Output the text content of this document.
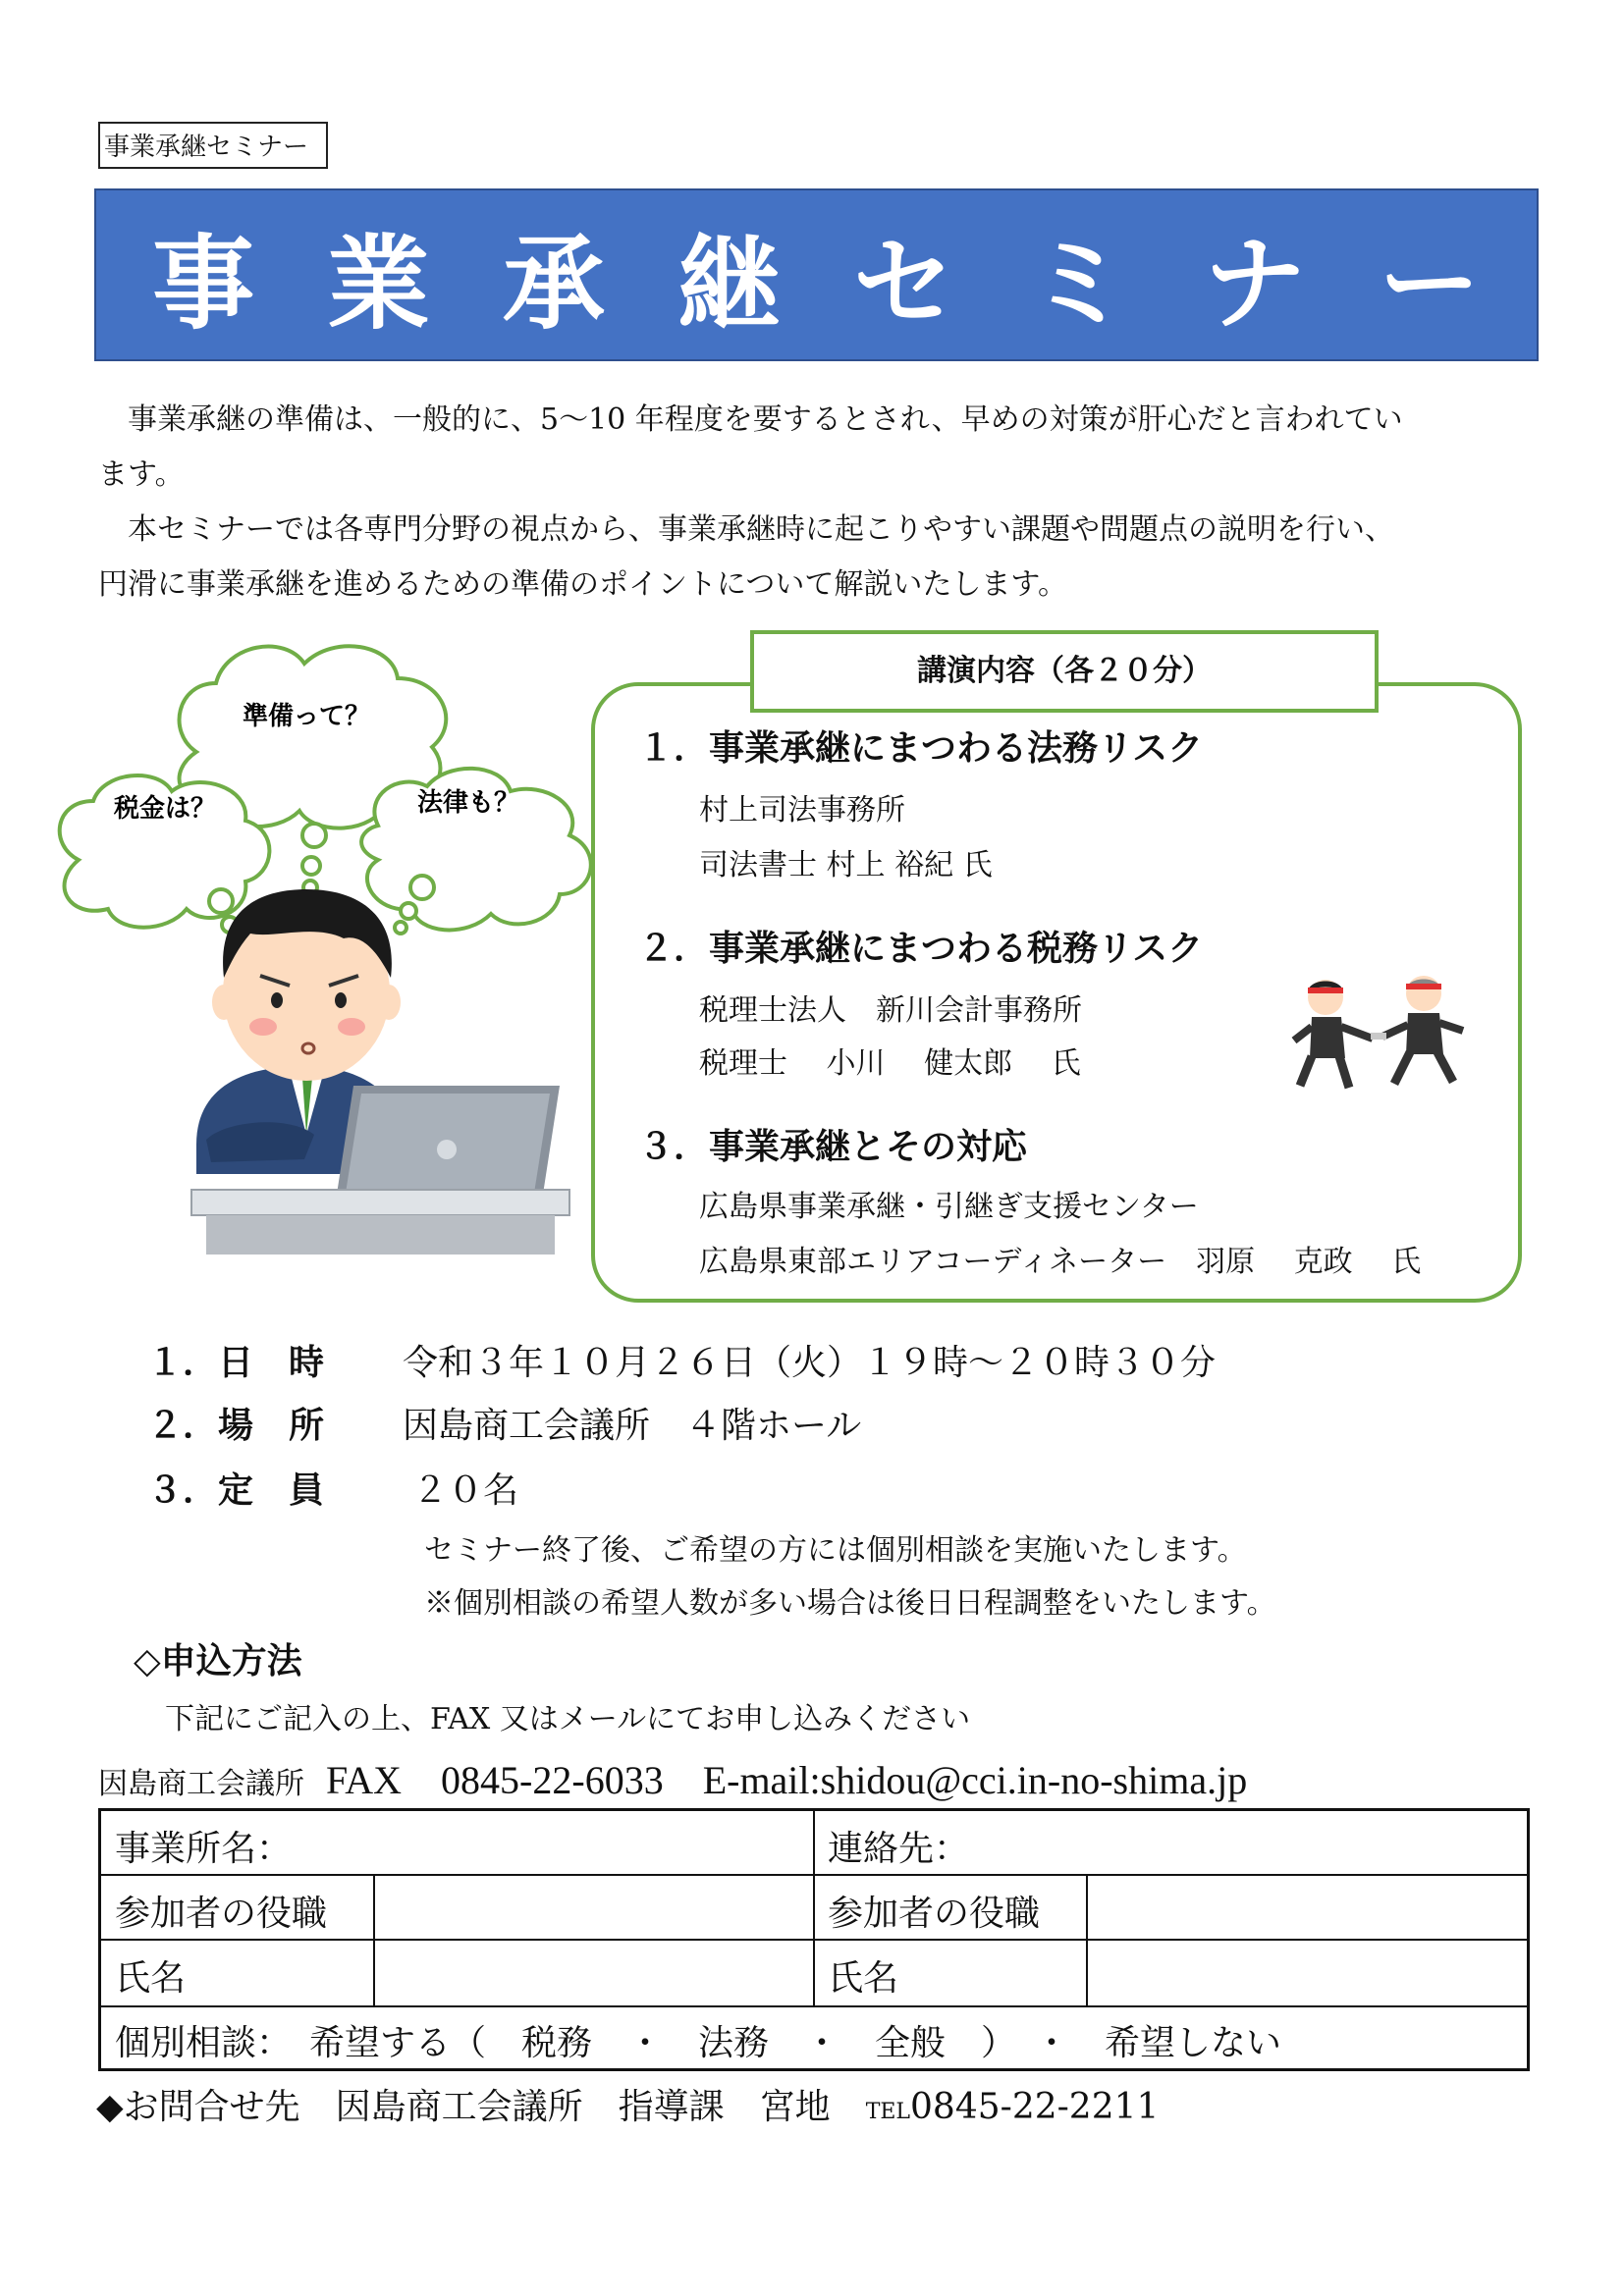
事業承継セミナー
事 業 承 継 セ ミ ナ ー

事業承継の準備は、一般的に、5～10 年程度を要するとされ、早めの対策が肝心だと言われてい

ます。

本セミナーでは各専門分野の視点から、事業承継時に起こりやすい課題や問題点の説明を行い、

円滑に事業承継を進めるための準備のポイントについて解説いたします。

準備って？
税金は？	法律も？
講演内容（各２０分）
１．事業承継にまつわる法務リスク
村上司法事務所
司法書士 村上 裕紀 氏
２．事業承継にまつわる税務リスク
税理士法人　新川会計事務所
税理士　 小川　 健太郎　 氏
３．事業承継とその対応
広島県事業承継・引継ぎ支援センター
広島県東部エリアコーディネーター　羽原　 克政　 氏
１．日　時 令和３年１０月２６日（火）１９時～２０時３０分
２．場　所 因島商工会議所　４階ホール
３．定　員 ２０名
セミナー終了後、ご希望の方には個別相談を実施いたします。
※個別相談の希望人数が多い場合は後日日程調整をいたします。
◇申込方法
下記にご記入の上、FAX 又はメールにてお申し込みください
因島商工会議所 FAX　0845-22-6033　E-mail:shidou@cci.in-no-shima.jp
事業所名：	連絡先：
参加者の役職	参加者の役職
氏名	氏名
個別相談：　希望する（　税務　・　法務　・　全般　）　・　希望しない
◆お問合せ先　因島商工会議所　指導課　宮地　TEL0845-22-2211
